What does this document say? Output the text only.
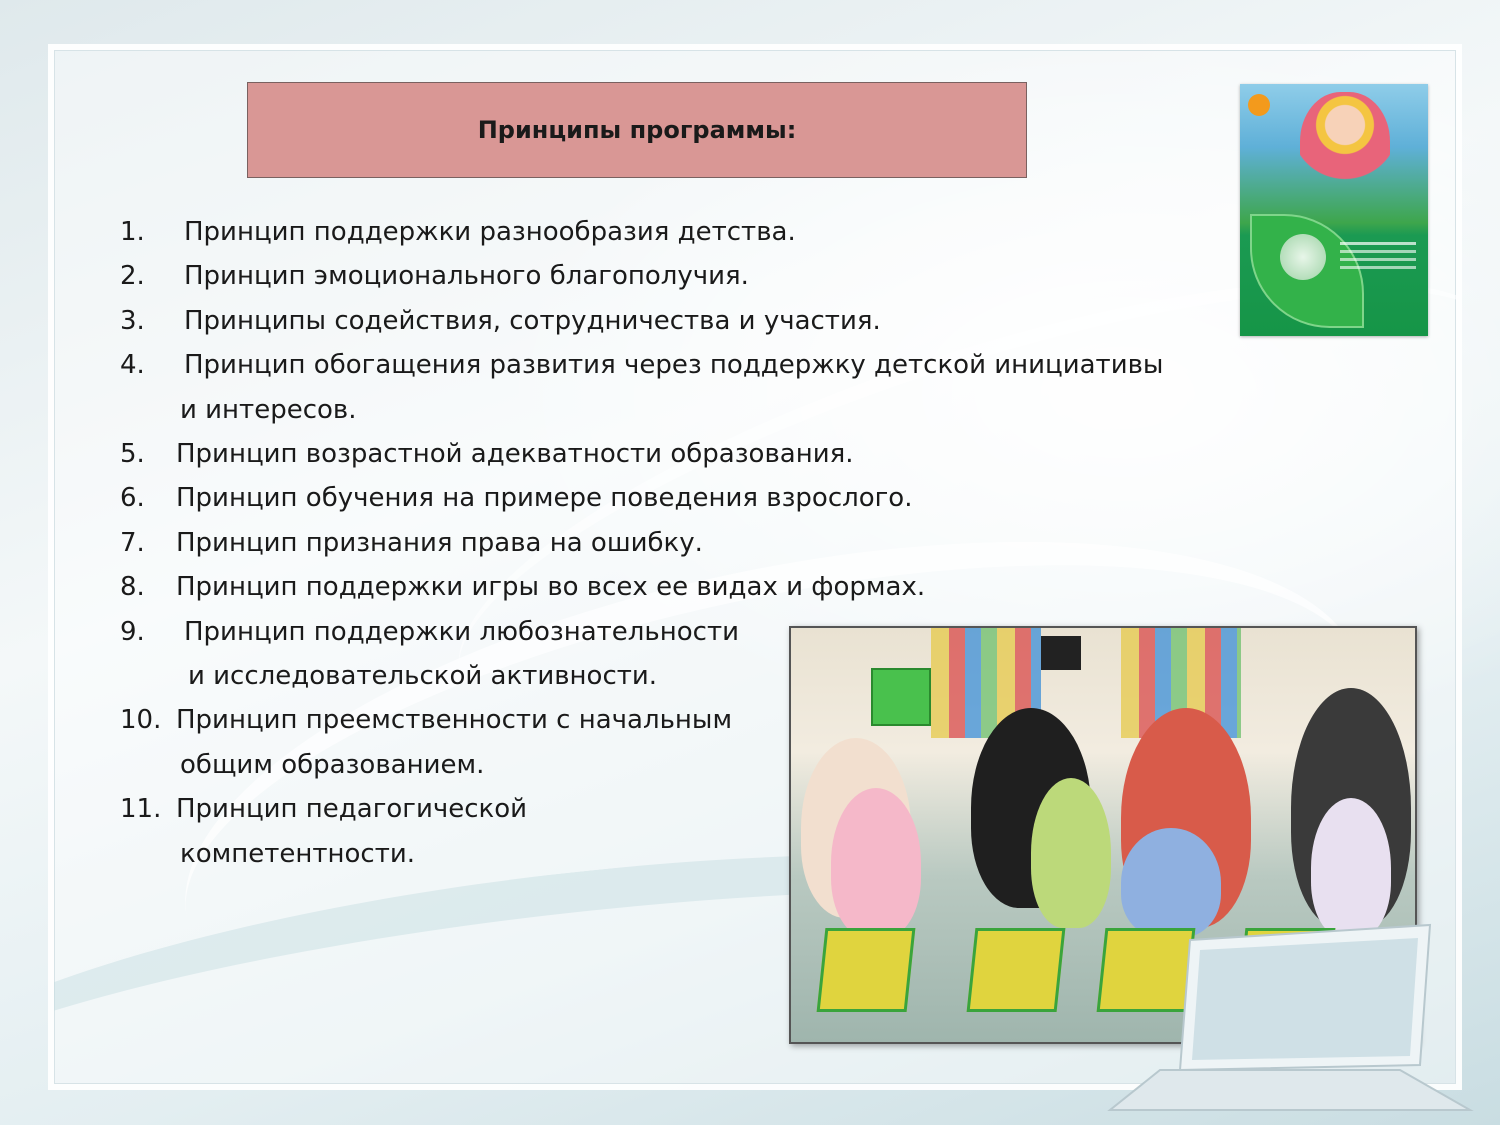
Принципы программы:
1.	Принцип поддержки разнообразия детства.
2.	Принцип эмоционального благополучия.
3.	Принципы содействия, сотрудничества и участия.
4.	Принцип обогащения развития через поддержку детской инициативы
и интересов.
5.	Принцип возрастной адекватности образования.
6.	Принцип обучения на примере поведения взрослого.
7.	Принцип признания права на ошибку.
8.	Принцип поддержки игры во всех ее видах и формах.
9.	Принцип поддержки любознательности
и исследовательской активности.
10. Принцип преемственности с начальным
общим образованием.
11. Принцип педагогической
компетентности.
